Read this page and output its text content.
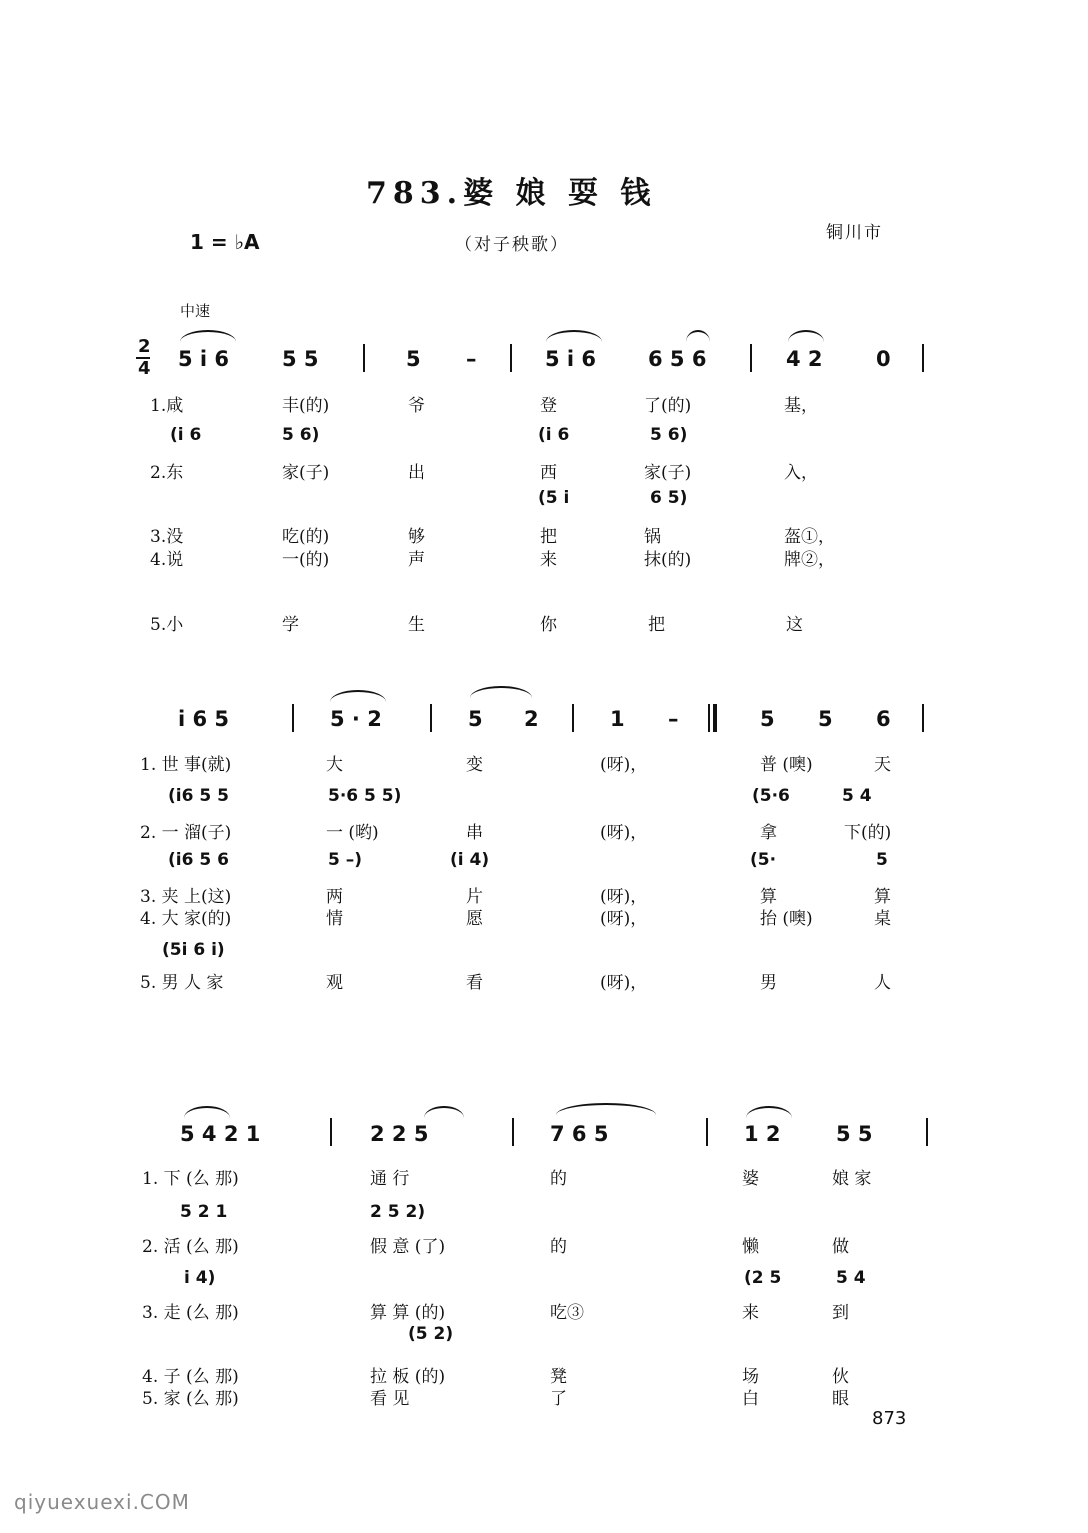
783.婆 娘 耍 钱
1 = ♭A	（对子秧歌）
铜川市
中速
2
4 5 i 6	5 5	5 –	5 i 6 6 5 6	4 2	0
1.咸	丰(的)	爷	登	了(的)	基，
(i 6	5 6)	(i 6	5 6)
2.东	家(子)	出	西	家(子)	入，
(5 i	6 5)
3.没	吃(的)	够	把	锅	盔①，
4.说	一(的)	声	来	抹(的)	牌②，
5.小	学	生	你	把	这
i 6 5	5 · 2	5 2	1 –	5 5 6
1. 世 事(就)	大	变	(呀)，	普 (噢)	天
(i6 5 5	5·6 5 5)	(5·6	5 4
2. 一 溜(子)	一 (哟)	串	(呀)，	拿	下(的)
(i6 5 6	5 –)	(i 4)	(5·	5
3. 夹 上(这)	两	片	(呀)，	算	算
4. 大 家(的)	情	愿	(呀)，	抬 (噢)	桌
(5i 6 i)
5. 男 人 家	观	看	(呀)，	男	人
5 4 2 1	2 2 5	7 6 5	1 2	5 5
1. 下 (么 那)	通 行	的	婆	娘 家
5 2 1	2 5 2)
2. 活 (么 那)	假 意 (了)	的	懒	做
i 4)	(2 5	5 4
3. 走 (么 那)	算 算 (的)	吃③	来	到
(5 2)
4. 子 (么 那)	拉 板 (的)	凳	场	伙
5. 家 (么 那)	看 见	了	白	眼
873
qiyuexuexi.COM
